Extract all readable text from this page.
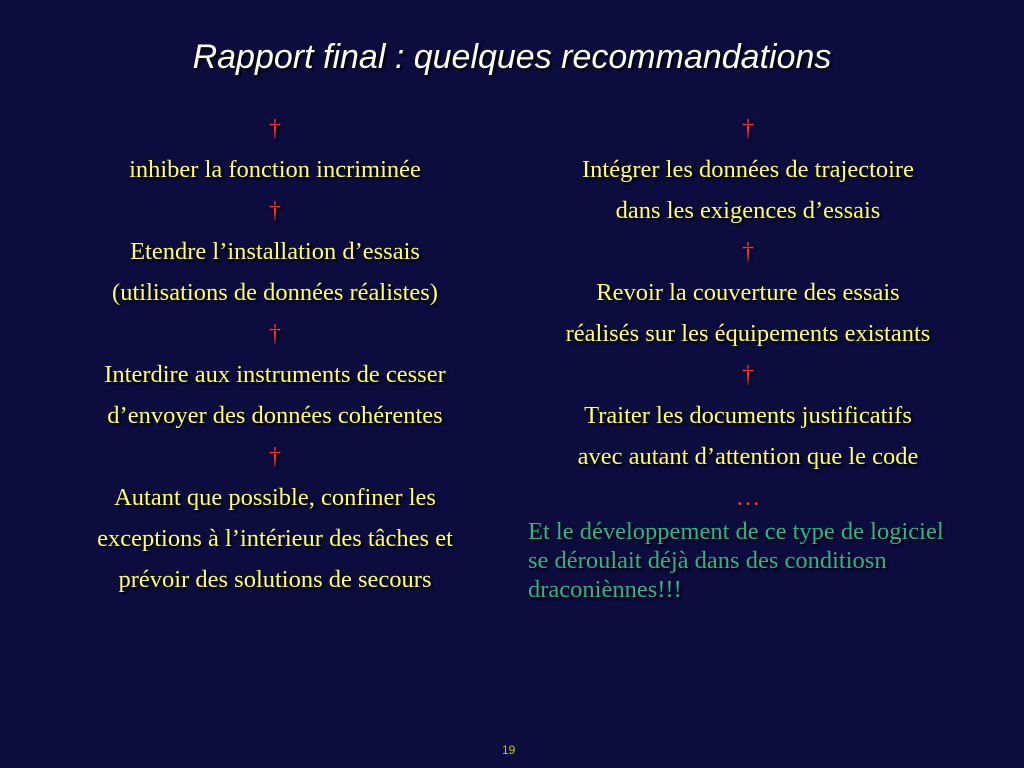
Rapport final : quelques recommandations
†
inhiber la fonction incriminée
†
Etendre l’installation d’essais
(utilisations de données réalistes)
†
Interdire aux instruments de cesser
d’envoyer des données cohérentes
†
Autant que possible, confiner les
exceptions à l’intérieur des tâches et
prévoir des solutions de secours
†
Intégrer les données de trajectoire
dans les exigences d’essais
†
Revoir la couverture des essais
réalisés sur les équipements existants
†
Traiter les documents justificatifs
avec autant d’attention que le code
…
Et le développement de ce type de logiciel se déroulait déjà dans des conditiosn draconiènnes!!!
19
